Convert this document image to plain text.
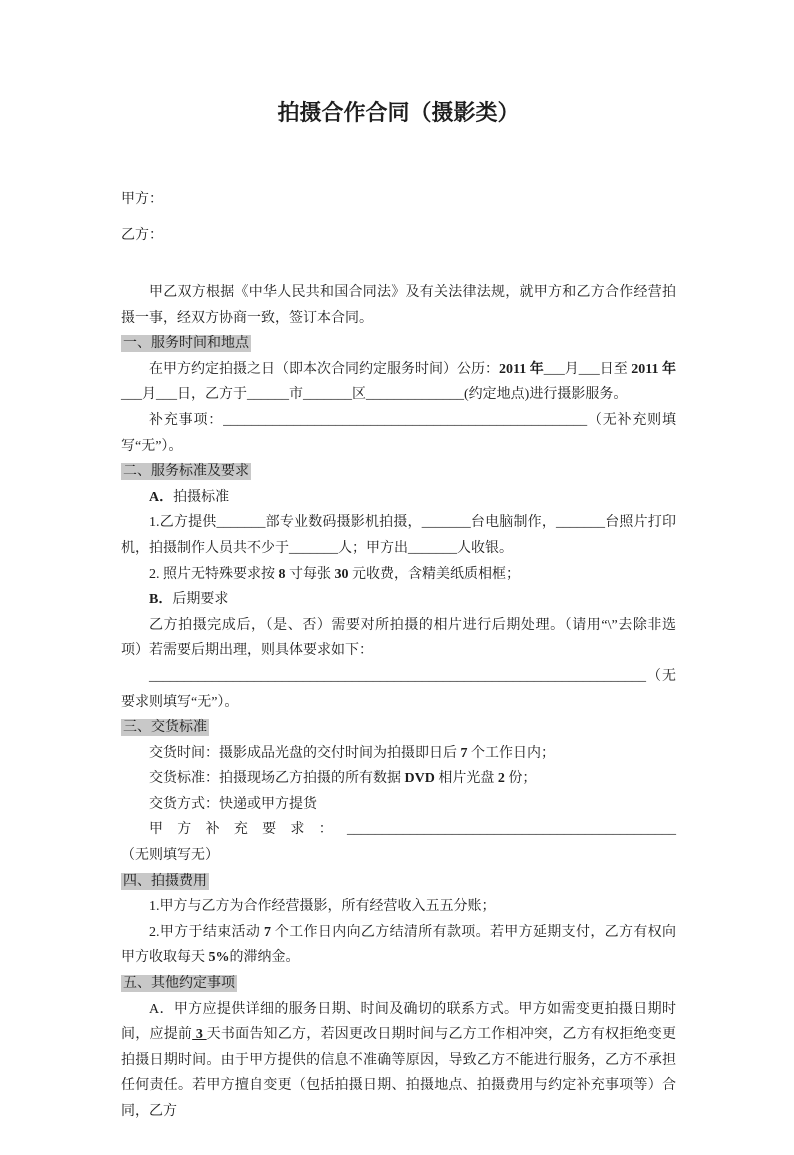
拍摄合作合同（摄影类）

甲方：

乙方：

甲乙双方根据《中华人民共和国合同法》及有关法律法规，就甲方和乙方合作经营拍摄一事，经双方协商一致，签订本合同。
一、服务时间和地点
在甲方约定拍摄之日（即本次合同约定服务时间）公历：2011 年___月___日至 2011 年___月___日，乙方于______市_______区______________(约定地点)进行摄影服务。
补充事项：____________________________________________________（无补充则填写“无”）。
二、服务标准及要求
A．拍摄标准
1.乙方提供_______部专业数码摄影机拍摄，_______台电脑制作，_______台照片打印机，拍摄制作人员共不少于_______人；甲方出_______人收银。
2. 照片无特殊要求按 8 寸每张 30 元收费，含精美纸质相框；
B．后期要求
乙方拍摄完成后，（是、否）需要对所拍摄的相片进行后期处理。（请用“\”去除非选项）若需要后期出理，则具体要求如下：
_______________________________________________________________________（无要求则填写“无”）。
三、交货标准
交货时间：摄影成品光盘的交付时间为拍摄即日后 7 个工作日内；
交货标准：拍摄现场乙方拍摄的所有数据 DVD 相片光盘 2 份；
交货方式：快递或甲方提货
甲方补充要求：_______________________________________________ （无则填写无）
四、拍摄费用
1.甲方与乙方为合作经营摄影，所有经营收入五五分账；
2.甲方于结束活动 7 个工作日内向乙方结清所有款项。若甲方延期支付，乙方有权向甲方收取每天 5%的滞纳金。
五、其他约定事项
A．甲方应提供详细的服务日期、时间及确切的联系方式。甲方如需变更拍摄日期时间，应提前 3 天书面告知乙方，若因更改日期时间与乙方工作相冲突，乙方有权拒绝变更拍摄日期时间。由于甲方提供的信息不准确等原因，导致乙方不能进行服务，乙方不承担任何责任。若甲方擅自变更（包括拍摄日期、拍摄地点、拍摄费用与约定补充事项等）合同，乙方
